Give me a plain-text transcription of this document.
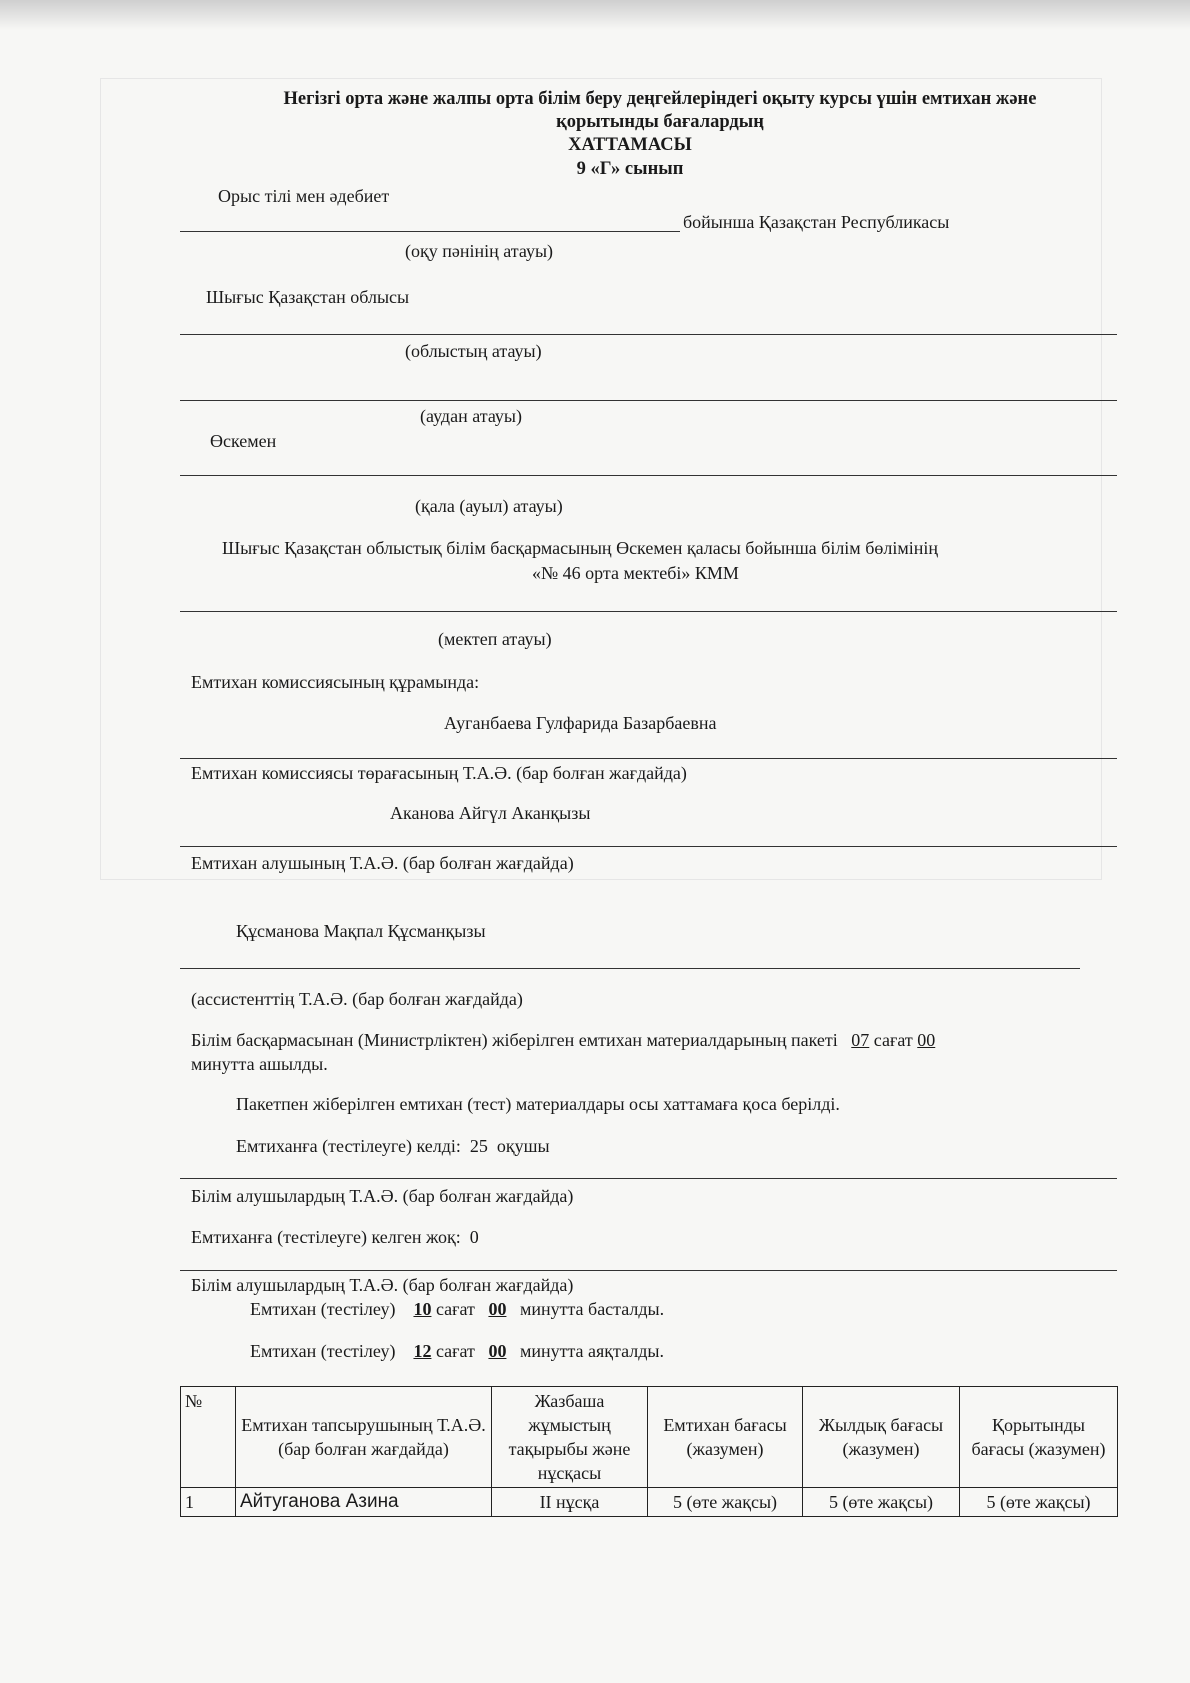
Негізгі орта және жалпы орта білім беру деңгейлеріндегі оқыту курсы үшін емтихан және
қорытынды бағалардың
ХАТТАМАСЫ
9 «Г» сынып
Орыс тілі мен әдебиет
бойынша Қазақстан Республикасы
(оқу пәнінің атауы)
Шығыс Қазақстан облысы
(облыстың атауы)
(аудан атауы)
Өскемен
(қала (ауыл) атауы)
Шығыс Қазақстан облыстық білім басқармасының Өскемен қаласы бойынша білім бөлімінің
«№ 46 орта мектебі» КММ
(мектеп атауы)
Емтихан комиссиясының құрамында:
Ауганбаева Гулфарида Базарбаевна
Емтихан комиссиясы төрағасының Т.А.Ә. (бар болған жағдайда)
Аканова Айгүл Аканқызы
Емтихан алушының Т.А.Ә. (бар болған жағдайда)
Құсманова Мақпал Құсманқызы
(ассистенттің Т.А.Ә. (бар болған жағдайда)
Білім басқармасынан (Министрліктен) жіберілген емтихан материалдарының пакеті 07 сағат 00
минутта ашылды.
Пакетпен жіберілген емтихан (тест) материалдары осы хаттамаға қоса берілді.
Емтиханға (тестілеуге) келді: 25 оқушы
Білім алушылардың Т.А.Ә. (бар болған жағдайда)
Емтиханға (тестілеуге) келген жоқ: 0
Білім алушылардың Т.А.Ә. (бар болған жағдайда)
Емтихан (тестілеу) 10 сағат 00 минутта басталды.
Емтихан (тестілеу) 12 сағат 00 минутта аяқталды.
№	Емтихан тапсырушының Т.А.Ә. (бар болған жағдайда)	Жазбаша жұмыстың тақырыбы және нұсқасы	Емтихан бағасы (жазумен)	Жылдық бағасы (жазумен)	Қорытынды бағасы (жазумен)
1	Айтуганова Азина	II нұсқа	5 (өте жақсы)	5 (өте жақсы)	5 (өте жақсы)
